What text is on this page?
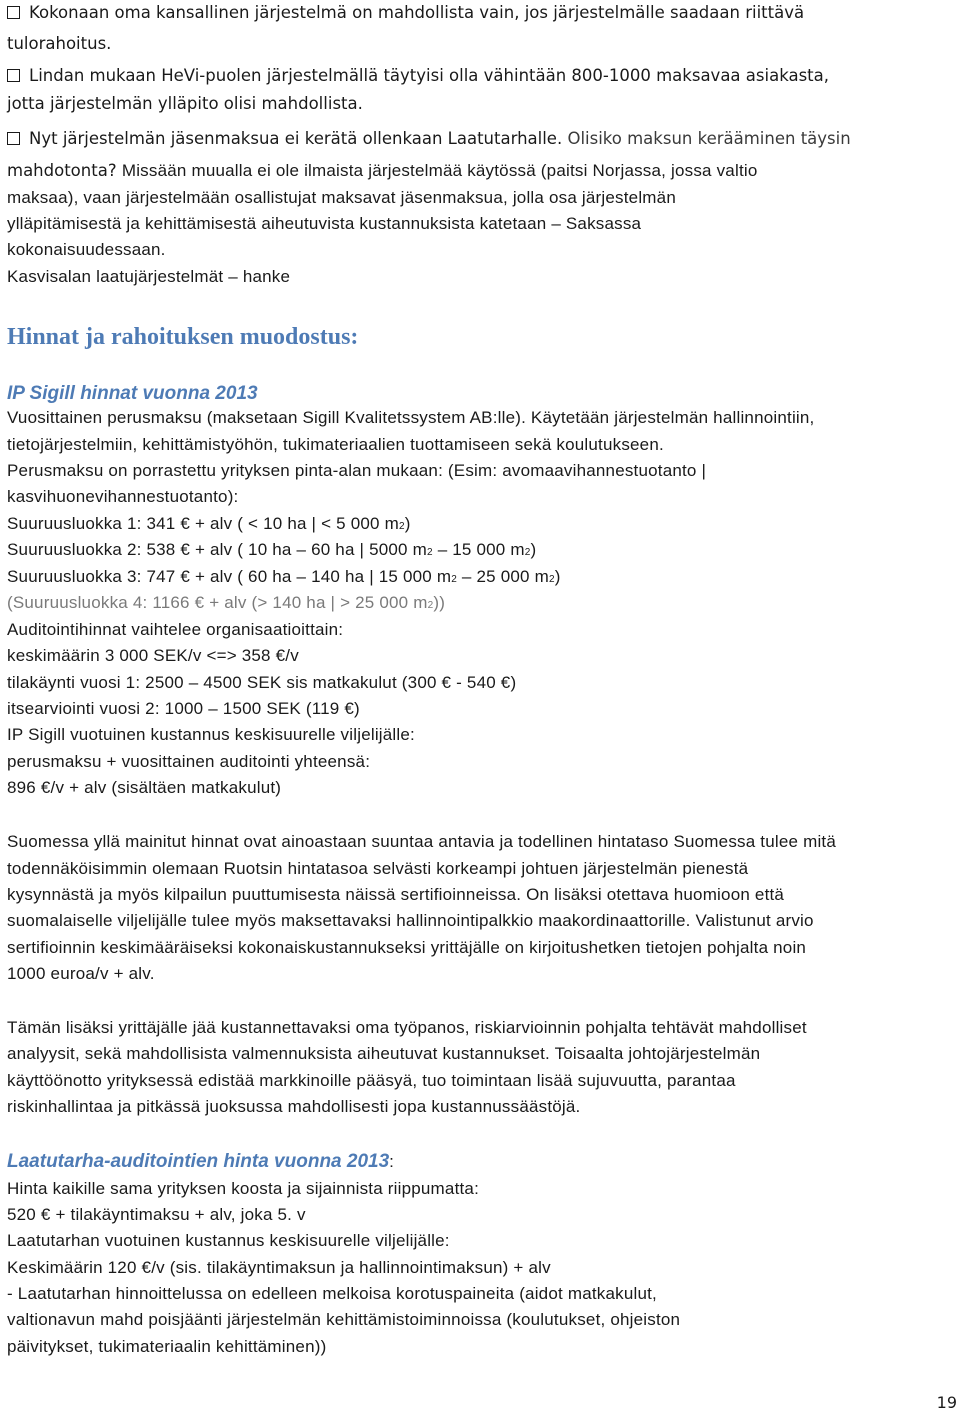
Kokonaan oma kansallinen järjestelmä on mahdollista vain, jos järjestelmälle saadaan riittävä
tulorahoitus.
Lindan mukaan HeVi-puolen järjestelmällä täytyisi olla vähintään 800-1000 maksavaa asiakasta,
jotta järjestelmän ylläpito olisi mahdollista.
Nyt järjestelmän jäsenmaksua ei kerätä ollenkaan Laatutarhalle. Olisiko maksun kerääminen täysin
mahdotonta? Missään muualla ei ole ilmaista järjestelmää käytössä (paitsi Norjassa, jossa valtio
maksaa), vaan järjestelmään osallistujat maksavat jäsenmaksua, jolla osa järjestelmän
ylläpitämisestä ja kehittämisestä aiheutuvista kustannuksista katetaan – Saksassa
kokonaisuudessaan.
Kasvisalan laatujärjestelmät – hanke
Hinnat ja rahoituksen muodostus:
IP Sigill hinnat vuonna 2013
Vuosittainen perusmaksu (maksetaan Sigill Kvalitetssystem AB:lle). Käytetään järjestelmän hallinnointiin,
tietojärjestelmiin, kehittämistyöhön, tukimateriaalien tuottamiseen sekä koulutukseen.
Perusmaksu on porrastettu yrityksen pinta-alan mukaan: (Esim: avomaavihannestuotanto |
kasvihuonevihannestuotanto):
Suuruusluokka 1: 341 € + alv ( < 10 ha | < 5 000 m2)
Suuruusluokka 2: 538 € + alv ( 10 ha – 60 ha | 5000 m2 – 15 000 m2)
Suuruusluokka 3: 747 € + alv ( 60 ha – 140 ha | 15 000 m2 – 25 000 m2)
(Suuruusluokka 4: 1166 € + alv (> 140 ha | > 25 000 m2))
Auditointihinnat vaihtelee organisaatioittain:
keskimäärin 3 000 SEK/v <=> 358 €/v
tilakäynti vuosi 1: 2500 – 4500 SEK sis matkakulut (300 € - 540 €)
itsearviointi vuosi 2: 1000 – 1500 SEK (119 €)
IP Sigill vuotuinen kustannus keskisuurelle viljelijälle:
perusmaksu + vuosittainen auditointi yhteensä:
896 €/v + alv (sisältäen matkakulut)
Suomessa yllä mainitut hinnat ovat ainoastaan suuntaa antavia ja todellinen hintataso Suomessa tulee mitä
todennäköisimmin olemaan Ruotsin hintatasoa selvästi korkeampi johtuen järjestelmän pienestä
kysynnästä ja myös kilpailun puuttumisesta näissä sertifioinneissa. On lisäksi otettava huomioon että
suomalaiselle viljelijälle tulee myös maksettavaksi hallinnointipalkkio maakordinaattorille. Valistunut arvio
sertifioinnin keskimääräiseksi kokonaiskustannukseksi yrittäjälle on kirjoitushetken tietojen pohjalta noin
1000 euroa/v + alv.
Tämän lisäksi yrittäjälle jää kustannettavaksi oma työpanos, riskiarvioinnin pohjalta tehtävät mahdolliset
analyysit, sekä mahdollisista valmennuksista aiheutuvat kustannukset. Toisaalta johtojärjestelmän
käyttöönotto yrityksessä edistää markkinoille pääsyä, tuo toimintaan lisää sujuvuutta, parantaa
riskinhallintaa ja pitkässä juoksussa mahdollisesti jopa kustannussäästöjä.
Laatutarha-auditointien hinta vuonna 2013:
Hinta kaikille sama yrityksen koosta ja sijainnista riippumatta:
520 € + tilakäyntimaksu + alv, joka 5. v
Laatutarhan vuotuinen kustannus keskisuurelle viljelijälle:
Keskimäärin 120 €/v (sis. tilakäyntimaksun ja hallinnointimaksun) + alv
- Laatutarhan hinnoittelussa on edelleen melkoisa korotuspaineita (aidot matkakulut,
valtionavun mahd poisjäänti järjestelmän kehittämistoiminnoissa (koulutukset, ohjeiston
päivitykset, tukimateriaalin kehittäminen))
19
